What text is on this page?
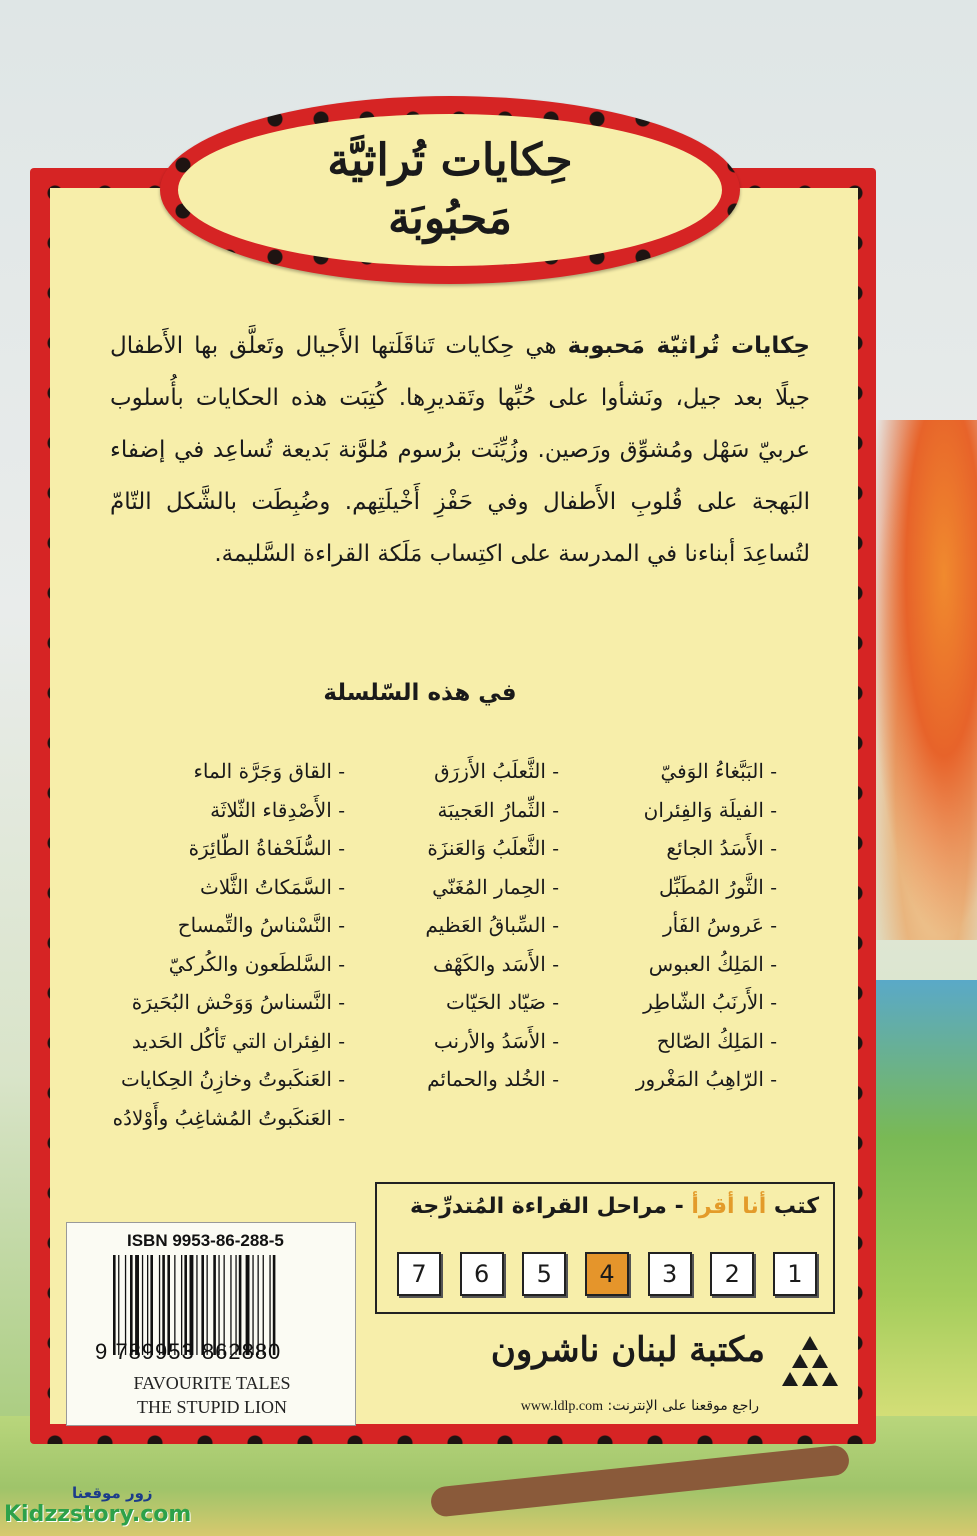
حِكايات تُراثيَّة
مَحبُوبَة
حِكايات تُراثيّة مَحبوبة هي حِكايات تَناقَلَتها الأَجيال وتَعلَّق بها الأَطفال جيلًا بعد جيل، ونَشأوا على حُبِّها وتَقديرِها. كُتِبَت هذه الحكايات بأُسلوب عربيّ سَهْل ومُشوِّق ورَصين. وزُيِّنَت برُسوم مُلوَّنة بَديعة تُساعِد في إضفاء البَهجة على قُلوبِ الأَطفال وفي حَفْزِ أَخْيلَتِهم. وضُبِطَت بالشَّكل التّامّ لتُساعِدَ أبناءنا في المدرسة على اكتِساب مَلَكة القراءة السَّليمة.
في هذه السّلسلة
- البَبَّغاءُ الوَفيّ
- الفيلَة وَالفِئران
- الأَسَدُ الجائع
- الثَّورُ المُطَبِّل
- عَروسُ الفَأر
- المَلِكُ العبوس
- الأَرنَبُ الشّاطِر
- المَلِكُ الصّالح
- الرّاهِبُ المَغْرور
- الثَّعلَبُ الأَزرَق
- الثِّمارُ العَجيبَة
- الثَّعلَبُ وَالعَنزَة
- الحِمار المُغَنّي
- السِّباقُ العَظيم
- الأَسَد والكَهْف
- صَيّاد الحَيّات
- الأَسَدُ والأرنب
- الخُلد والحمائم
- القاق وَجَرَّة الماء
- الأَصْدِقاء الثّلاثَة
- السُّلَحْفاةُ الطّائِرَة
- السَّمَكاتُ الثَّلاث
- النَّسْناسُ والتِّمساح
- السَّلطَعون والكُركيّ
- النَّسناسُ وَوَحْش البُحَيرَة
- الفِئران التي تَأكُل الحَديد
- العَنكَبوتُ وخازِنُ الحِكايات
- العَنكَبوتُ المُشاغِبُ وأَوْلادُه
كتب أنا أقرأ - مراحل القراءة المُتدرِّجة
1
2
3
4
5
6
7
ISBN 9953-86-288-5
9 789953 862880
FAVOURITE TALES
THE STUPID LION
مكتبة لبنان ناشرون
راجع موقعنا على الإنترنت: www.ldlp.com
زور موقعنا
Kidzzstory.com
